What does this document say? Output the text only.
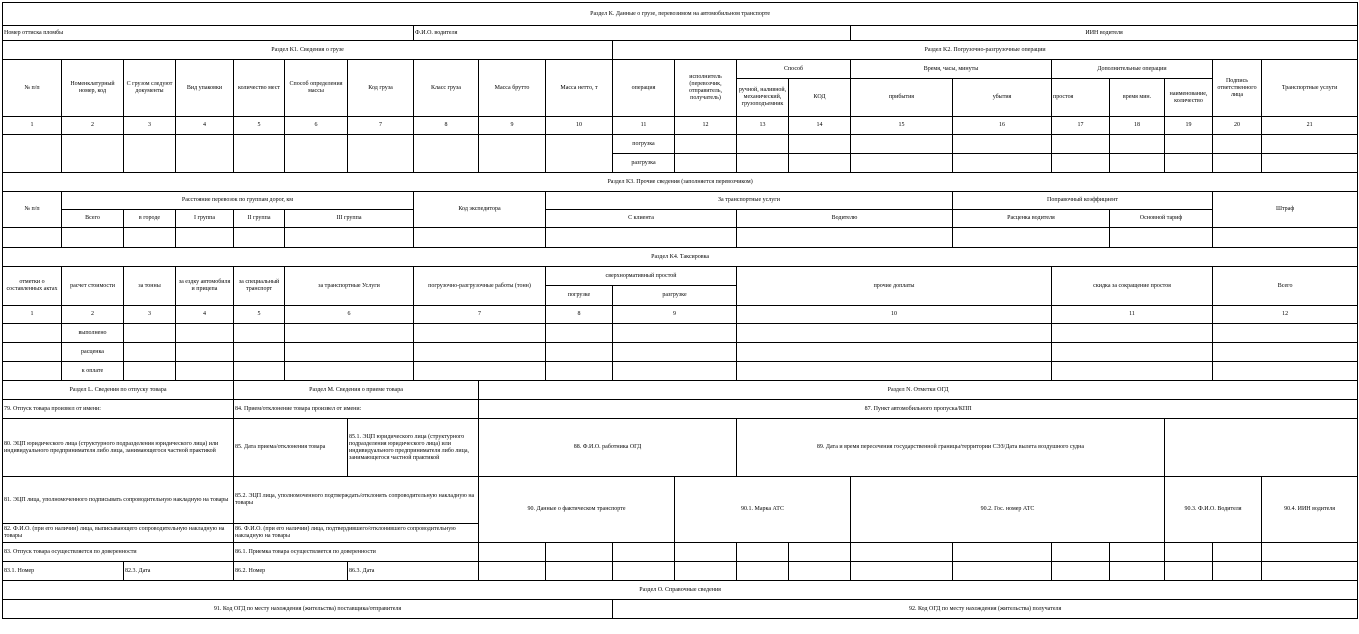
Раздел K. Данные о грузе, перевозимом на автомобильном транспорте																					
Номер оттиска пломбы							Ф.И.О. водителя							ИИН водителя							
Раздел K1. Сведения о грузе										Раздел K2. Погрузочно-разгрузочные операции											
№ п/п	Номенклатурный номер, код	С грузом следуют документы	Вид упаковки	количество мест	Способ определения массы	Код груза	Класс груза	Масса брутто	Масса нетто, т	операция	исполнитель (перевозчик, отправитель, получатель)	Способ		Время, часы, минуты		Дополнительные операции			Подпись ответственного лица	Транспортные услуги	
												ручной, наливной, механический, грузоподъемник	КОД	прибытия	убытия	простоя	время мин.	наименование, количество			
1	2	3	4	5	6	7	8	9	10	11	12	13	14	15	16	17	18	19	20	21	
										погрузка											
										разгрузка											
Раздел K3. Прочие сведения (заполняется перевозчиком)																					
№ п/п	Расстояние перевозок по группам дорог, км						Код экспедитора		За транспортные услуги						Поправочный коэффициент				Штраф		
	Всего	в городе	I группа	II группа	III группа				С клиента			Водителю			Расценка водителя		Основной тариф				

Раздел K4. Таксировка																					
отметки о составленных актах	расчет стоимости	за тонны	за ездку автомобиля и прицепа	за специальный транспорт	за транспортные Услуги		погрузочно-разгрузочные работы (тонн)		сверхнормативный простой			прочие доплаты				скидка за сокращение простоя			Всего	
									погрузке	разгрузке											
1	2	3	4	5	6		7		8	9		10				11			12	
	выполнено																				
	расценка																				
	к оплате																				
Раздел L. Сведения по отпуску товара				Раздел M. Сведения о приеме товара				Раздел N. Отметки ОГД													
79. Отпуск товара произвел от имени:				84. Прием/отклонение товара произвел от имени:				87. Пункт автомобильного пропуска/КПП													
80. ЭЦП юридического лица (структурного подразделения юридического лица) или индивидуального предпринимателя либо лица, занимающегося частной практикой				85. Дата приема/отклонения товара		85.1. ЭЦП юридического лица (структурного подразделения юридического лица) или индивидуального предпринимателя либо лица, занимающегося частной практикой		88. Ф.И.О. работника ОГД				89. Дата и время пересечения государственной границы/территории СЭЗ/Дата вылета воздушного судна									
81. ЭЦП лица, уполномоченного подписывать сопроводительную накладную на товары				85.2. ЭЦП лица, уполномоченного подтверждать/отклонять сопроводительную накладную на товары				90. Данные о фактическом транспорте			90.1. Марка АТС			90.2. Гос. номер АТС				90.3. Ф.И.О. Водителя		90.4. ИИН водителя	
82. Ф.И.О. (при его наличии) лица, выписывающего сопроводительную накладную на товары				86. Ф.И.О. (при его наличии) лица, подтвердившего/отклонившего сопроводительную накладную на товары																	
83. Отпуск товара осуществляется по доверенности				86.1. Приемка товара осуществляется по доверенности																	
83.1. Номер		82.3. Дата		86.2. Номер		86.3. Дата															
Раздел O. Справочные сведения																					
91. Код ОГД по месту нахождения (жительства) поставщика/отправителя										92. Код ОГД по месту нахождения (жительства) получателя											
